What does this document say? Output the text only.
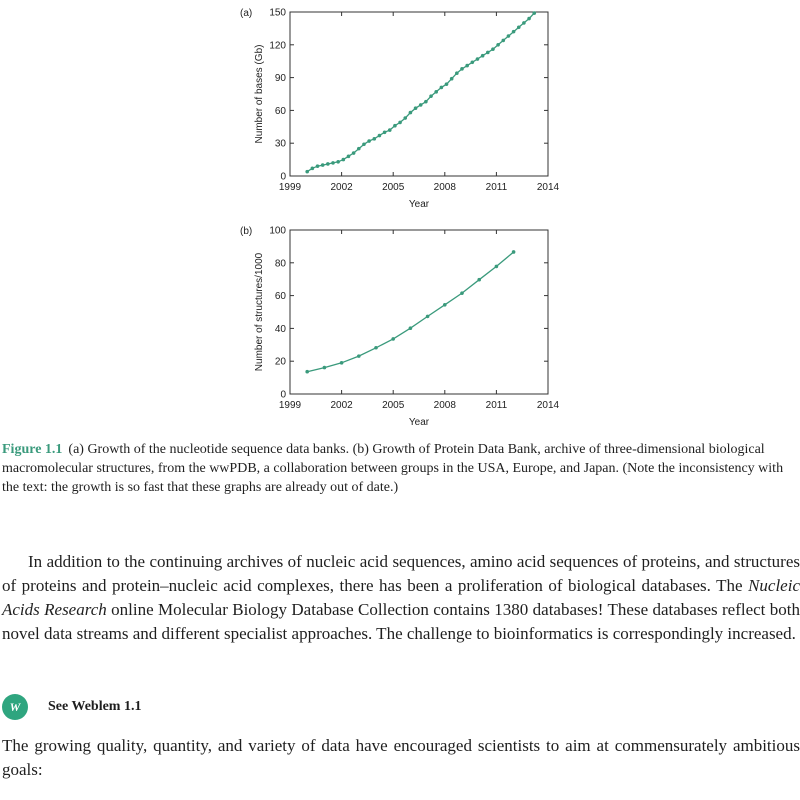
1999	2002	2005	2008	2011	2014
0
30
60
90
120
150
Year
Number of bases (Gb)
(a)
1999	2002	2005	2008	2011	2014
0
20
40
60
80
100
Year
Number of structures/1000
(b)

Figure 1.1 (a) Growth of the nucleotide sequence data banks. (b) Growth of Protein Data Bank, archive of three-dimensional biological macromolecular structures, from the wwPDB, a collaboration between groups in the USA, Europe, and Japan. (Note the inconsistency with the text: the growth is so fast that these graphs are already out of date.)

In addition to the continuing archives of nucleic acid sequences, amino acid sequences of proteins, and structures of proteins and protein–nucleic acid complexes, there has been a proliferation of biological databases. The Nucleic Acids Research online Molecular Biology Database Collection contains 1380 databases! These databases reflect both novel data streams and different specialist approaches. The challenge to bioinformatics is correspondingly increased.

W	See Weblem 1.1

The growing quality, quantity, and variety of data have encouraged scientists to aim at commensurately ambitious goals:
